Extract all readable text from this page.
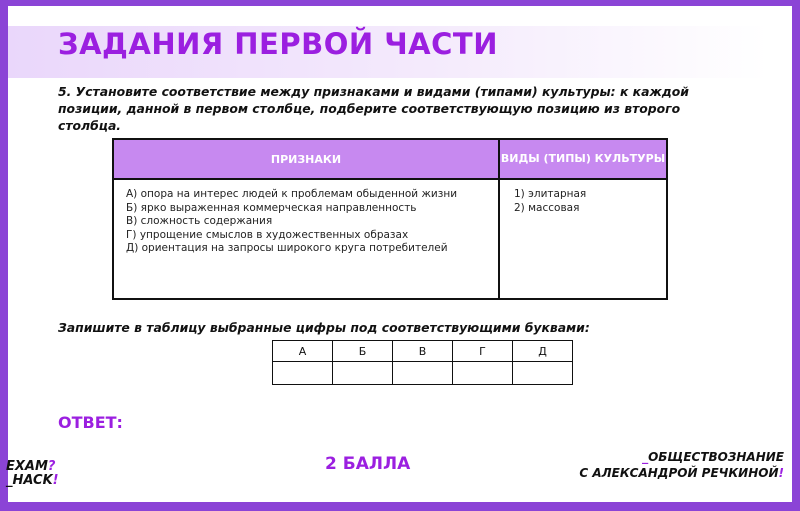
ЗАДАНИЯ ПЕРВОЙ ЧАСТИ
5. Установите соответствие между признаками и видами (типами) культуры: к каждой позиции, данной в первом столбце, подберите соответствующую позицию из второго столбца.
ПРИЗНАКИ	ВИДЫ (ТИПЫ) КУЛЬТУРЫ
А) опора на интерес людей к проблемам обыденной жизни
Б) ярко выраженная коммерческая направленность
В) сложность содержания
Г) упрощение смыслов в художественных образах
Д) ориентация на запросы широкого круга потребителей
1) элитарная
2) массовая
Запишите в таблицу выбранные цифры под соответствующими буквами:
А	Б	В	Г	Д

ОТВЕТ:
EXAM?
_HACK!
2 БАЛЛА	_ОБЩЕСТВОЗНАНИЕ
С АЛЕКСАНДРОЙ РЕЧКИНОЙ!
